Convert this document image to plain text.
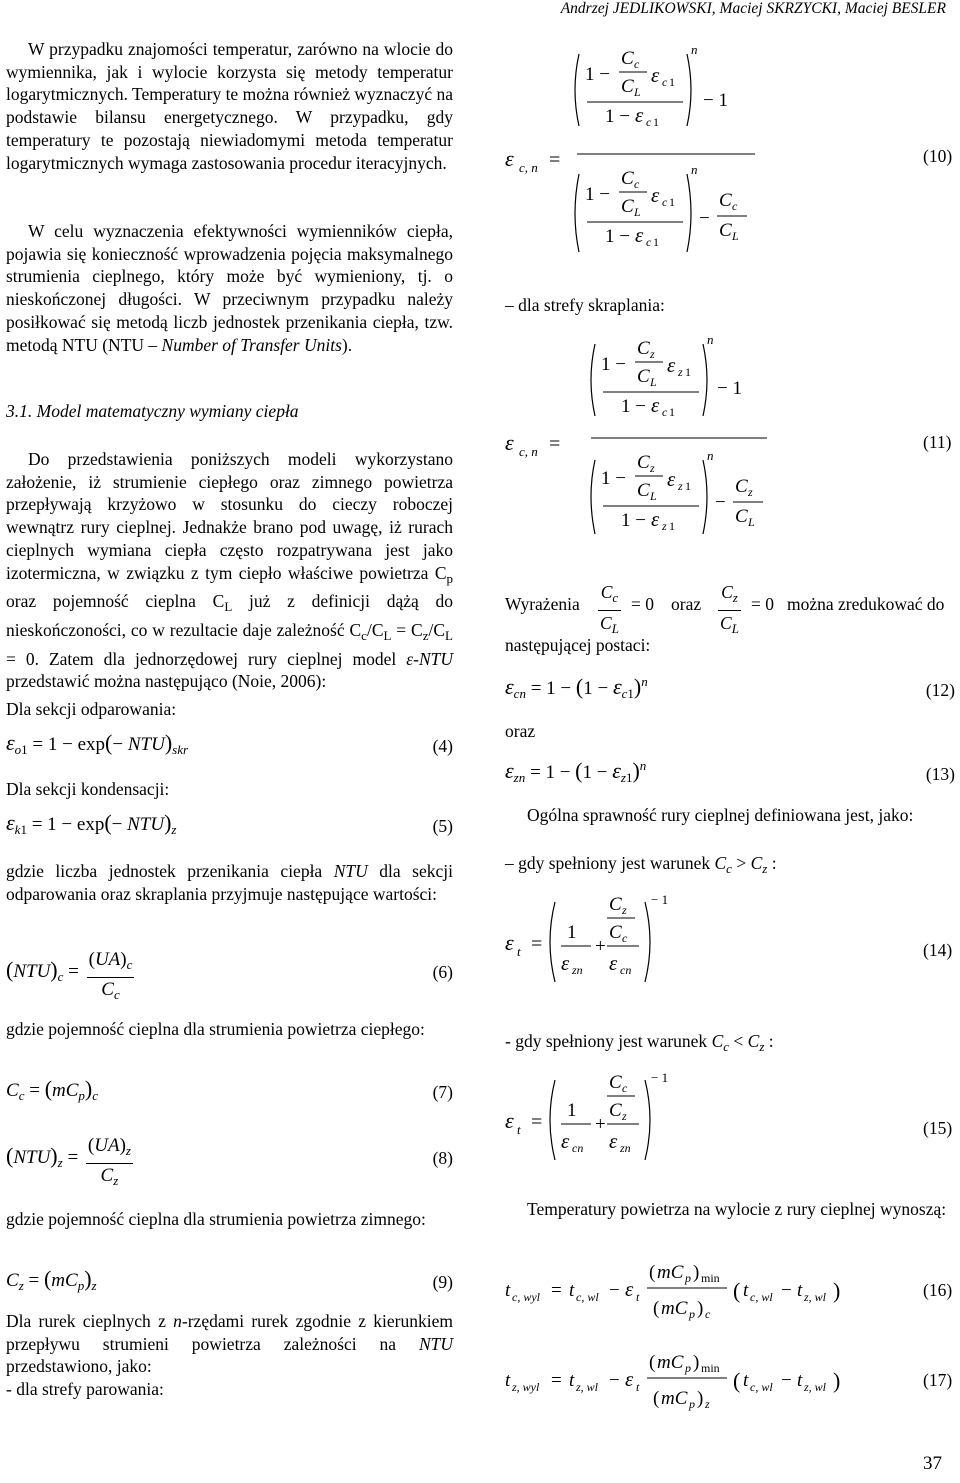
Andrzej JEDLIKOWSKI, Maciej SKRZYCKI, Maciej BESLER
W przypadku znajomości temperatur, zarówno na wlocie do wymiennika, jak i wylocie korzysta się metody temperatur logarytmicznych. Temperatury te można również wyznaczyć na podstawie bilansu energetycznego. W przypadku, gdy temperatury te pozostają niewiadomymi metoda temperatur logarytmicznych wymaga zastosowania procedur iteracyjnych.
W celu wyznaczenia efektywności wymienników ciepła, pojawia się konieczność wprowadzenia pojęcia maksymalnego strumienia cieplnego, który może być wymieniony, tj. o nieskończonej długości. W przeciwnym przypadku należy posiłkować się metodą liczb jednostek przenikania ciepła, tzw. metodą NTU (NTU – Number of Transfer Units).
3.1. Model matematyczny wymiany ciepła
Do przedstawienia poniższych modeli wykorzystano założenie, iż strumienie ciepłego oraz zimnego powietrza przepływają krzyżowo w stosunku do cieczy roboczej wewnątrz rury cieplnej. Jednakże brano pod uwagę, iż rurach cieplnych wymiana ciepła często rozpatrywana jest jako izotermiczna, w związku z tym ciepło właściwe powietrza $C_p$ oraz pojemność cieplna $C_L$ już z definicji dążą do nieskończoności, co w rezultacie daje zależność $C_c/C_L = C_z/C_L = 0$. Zatem dla jednorzędowej rury cieplnej model ε-NTU przedstawić można następująco (Noie, 2006):
Dla sekcji odparowania:
$\varepsilon_{o1} = 1 - \exp(- NTU)_{skr}$	(4)
Dla sekcji kondensacji:
$\varepsilon_{k1} = 1 - \exp(- NTU)_z$	(5)
gdzie liczba jednostek przenikania ciepła NTU dla sekcji odparowania oraz skraplania przyjmuje następujące wartości:
$(NTU)_c = \frac{(UA)_c}{C_c}$	(6)
gdzie pojemność cieplna dla strumienia powietrza ciepłego:
$C_c = (mC_p)_c$	(7)
$(NTU)_z = \frac{(UA)_z}{C_z}$	(8)
gdzie pojemność cieplna dla strumienia powietrza zimnego:
$C_z = (mC_p)_z$	(9)
Dla rurek cieplnych z n-rzędami rurek zgodnie z kierunkiem przepływu strumieni powietrza zależności na NTU przedstawiono, jako:
- dla strefy parowania:
ε c, n =
1 −
C c
C L
ε c 1
1 − ε c 1
n
− 1
1 −
C c
C L
ε c 1
1 − ε c 1
n
−
C c
C L
(10)
– dla strefy skraplania:
ε c, n =
1 −
C z
C L
ε z 1
1 − ε c 1
n
− 1
1 −
C z
C L
ε z 1
1 − ε z 1
n
−
C z
C L
(11)
Wyrażenia $\frac{C_c}{C_L} = 0$ oraz $\frac{C_z}{C_L} = 0$ można zredukować do
następującej postaci:
$\varepsilon_{cn} = 1 - (1 - \varepsilon_{c1})^n$	(12)
oraz
$\varepsilon_{zn} = 1 - (1 - \varepsilon_{z1})^n$	(13)
Ogólna sprawność rury cieplnej definiowana jest, jako:
– gdy spełniony jest warunek $C_c > C_z$ :
ε t =
1
ε zn
+
C z
C c
ε cn
− 1
(14)
- gdy spełniony jest warunek $C_c < C_z$ :
ε t =
1
ε cn
+
C c
C z
ε zn
− 1
(15)
Temperatury powietrza na wylocie z rury cieplnej wynoszą:
t c, wyl = t c, wl − ε t
( mC p ) min
( mC p ) c
( t c, wl − t z, wl )	(16)
t z, wyl = t z, wl − ε t
( mC p ) min
( mC p ) z
( t c, wl − t z, wl )	(17)
37
